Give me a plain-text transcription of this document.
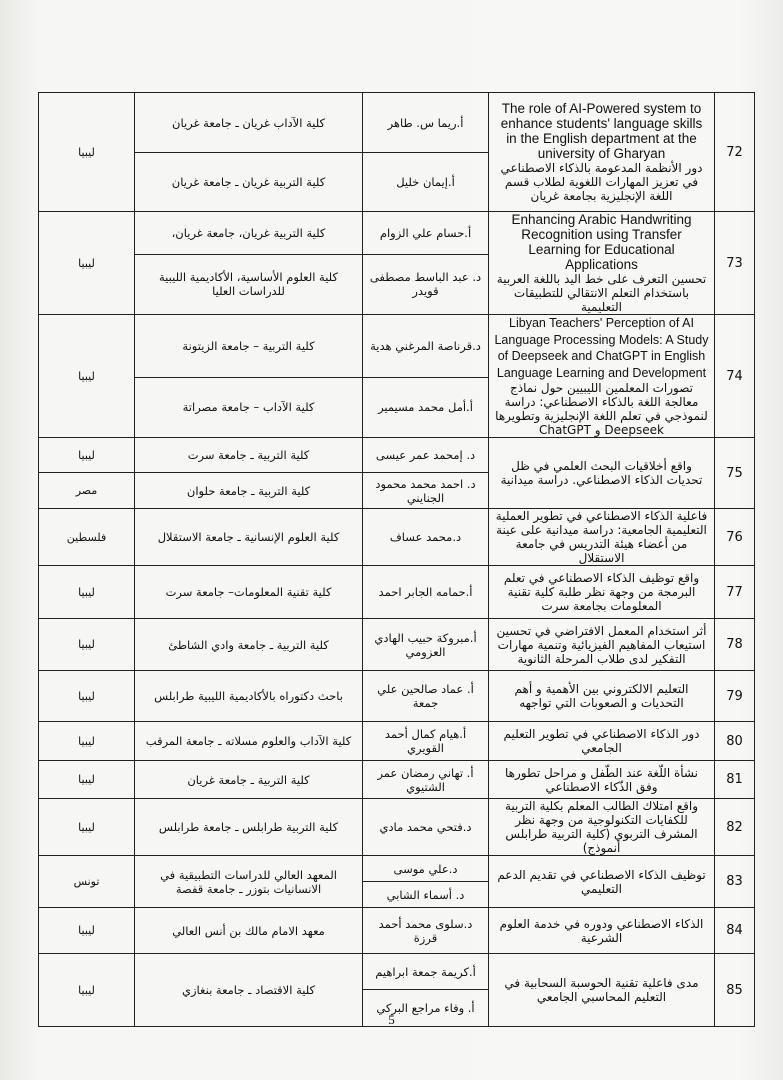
72	The role of AI-Powered system to enhance students' language skills in the English department at the university of Gharyan
دور الأنظمة المدعومة بالذكاء الاصطناعي في تعزيز المهارات اللغوية لطلاب قسم اللغة الإنجليزية بجامعة غريان	أ.ريما س. طاهر	كلية الآداب غريان ـ جامعة غريان	ليبيا
		أ.إيمان خليل	كلية التربية غريان ـ جامعة غريان	
73	Enhancing Arabic Handwriting Recognition using Transfer Learning for Educational Applications
تحسين التعرف على خط اليد باللغة العربية باستخدام التعلم الانتقالي للتطبيقات التعليمية	أ.حسام علي الزوام	كلية التربية غريان، جامعة غريان،	ليبيا
		د. عبد الباسط مصطفى قويدر	كلية العلوم الأساسية، الأكاديمية الليبية للدراسات العليا	
74	Libyan Teachers' Perception of AI Language Processing Models: A Study of Deepseek and ChatGPT in English Language Learning and Development
تصورات المعلمين الليبيين حول نماذج معالجة اللغة بالذكاء الاصطناعي: دراسة لنموذجي في تعلم اللغة الإنجليزية وتطويرها Deepseek و ChatGPT	د.قرناصة المرغني هدية	كلية التربية – جامعة الزيتونة	ليبيا
		أ.أمل محمد مسيمير	كلية الآداب – جامعة مصراتة	
75	واقع أخلاقيات البحث العلمي في ظل تحديات الذكاء الاصطناعي. دراسة ميدانية	د. إمحمد عمر عيسى	كلية التربية ـ جامعة سرت	ليبيا
		د. احمد محمد محمود الجنايني	كلية التربية ـ جامعة حلوان	مصر
76	فاعلية الذكاء الاصطناعي في تطوير العملية التعليمية الجامعية: دراسة ميدانية على عينة من أعضاء هيئة التدريس في جامعة الاستقلال	د.محمد عساف	كلية العلوم الإنسانية ـ جامعة الاستقلال	فلسطين
77	واقع توظيف الذكاء الاصطناعي في تعلم البرمجة من وجهة نظر طلبة كلية تقنية المعلومات بجامعة سرت	أ.حمامه الجابر احمد	كلية تقنية المعلومات– جامعة سرت	ليبيا
78	أثر استخدام المعمل الافتراضي في تحسين استيعاب المفاهيم الفيزيائية وتنمية مهارات التفكير لدى طلاب المرحلة الثانوية	أ.مبروكة حبيب الهادي العزومي	كلية التربية ـ جامعة وادي الشاطئ	ليبيا
79	التعليم الالكتروني بين الأهمية و أهم التحديات و الصعوبات التي تواجهه	أ. عماد صالحين علي جمعة	باحث دكتوراه بالأكاديمية الليبية طرابلس	ليبيا
80	دور الذكاء الاصطناعي في تطوير التعليم الجامعي	أ.هيام كمال أحمد القويري	كلية الآداب والعلوم مسلاته ـ جامعة المرقب	ليبيا
81	نشأة اللّغة عند الطّفل و مراحل تطورها وفق الذّكاء الاصطناعي	أ. تهاني رمضان عمر الشتيوي	كلية التربية ـ جامعة غريان	ليبيا
82	واقع امتلاك الطالب المعلم بكلية التربية للكفايات التكنولوجية من وجهة نظر المشرف التربوي (كلية التربية طرابلس أنموذج)	د.فتحي محمد مادي	كلية التربية طرابلس ـ جامعة طرابلس	ليبيا
83	توظيف الذكاء الاصطناعي في تقديم الدعم التعليمي	د.علي موسى	المعهد العالي للدراسات التطبيقية في الانسانيات بتوزر ـ جامعة قفصة	تونس
		د. أسماء الشابي		
84	الذكاء الاصطناعي ودوره في خدمة العلوم الشرعية	د.سلوى محمد أحمد قرزة	معهد الامام مالك بن أنس العالي	ليبيا
85	مدى فاعلية تقنية الحوسبة السحابية في التعليم المحاسبي الجامعي	أ.كريمة جمعة ابراهيم	كلية الاقتصاد ـ جامعة بنغازي	ليبيا
		أ. وفاء مراجع البركي		
5
